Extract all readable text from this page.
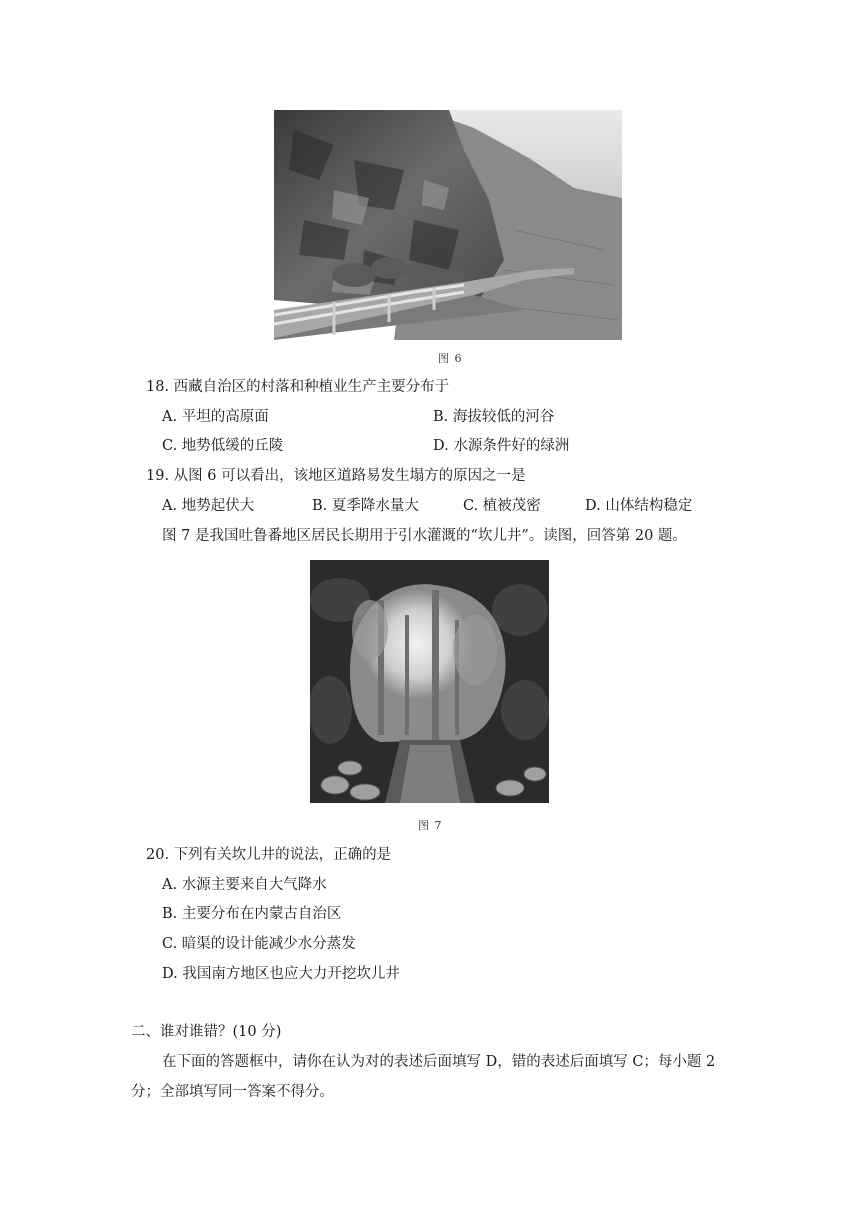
图 6
18. 西藏自治区的村落和种植业生产主要分布于
A. 平坦的高原面	B. 海拔较低的河谷
C. 地势低缓的丘陵	D. 水源条件好的绿洲
19. 从图 6 可以看出，该地区道路易发生塌方的原因之一是
A. 地势起伏大	B. 夏季降水量大	C. 植被茂密	D. 山体结构稳定
图 7 是我国吐鲁番地区居民长期用于引水灌溉的“坎儿井”。读图，回答第 20 题。
图 7
20. 下列有关坎儿井的说法，正确的是
A. 水源主要来自大气降水
B. 主要分布在内蒙古自治区
C. 暗渠的设计能减少水分蒸发
D. 我国南方地区也应大力开挖坎儿井
二、谁对谁错？(10 分)
在下面的答题框中，请你在认为对的表述后面填写 D，错的表述后面填写 C；每小题 2
分；全部填写同一答案不得分。
